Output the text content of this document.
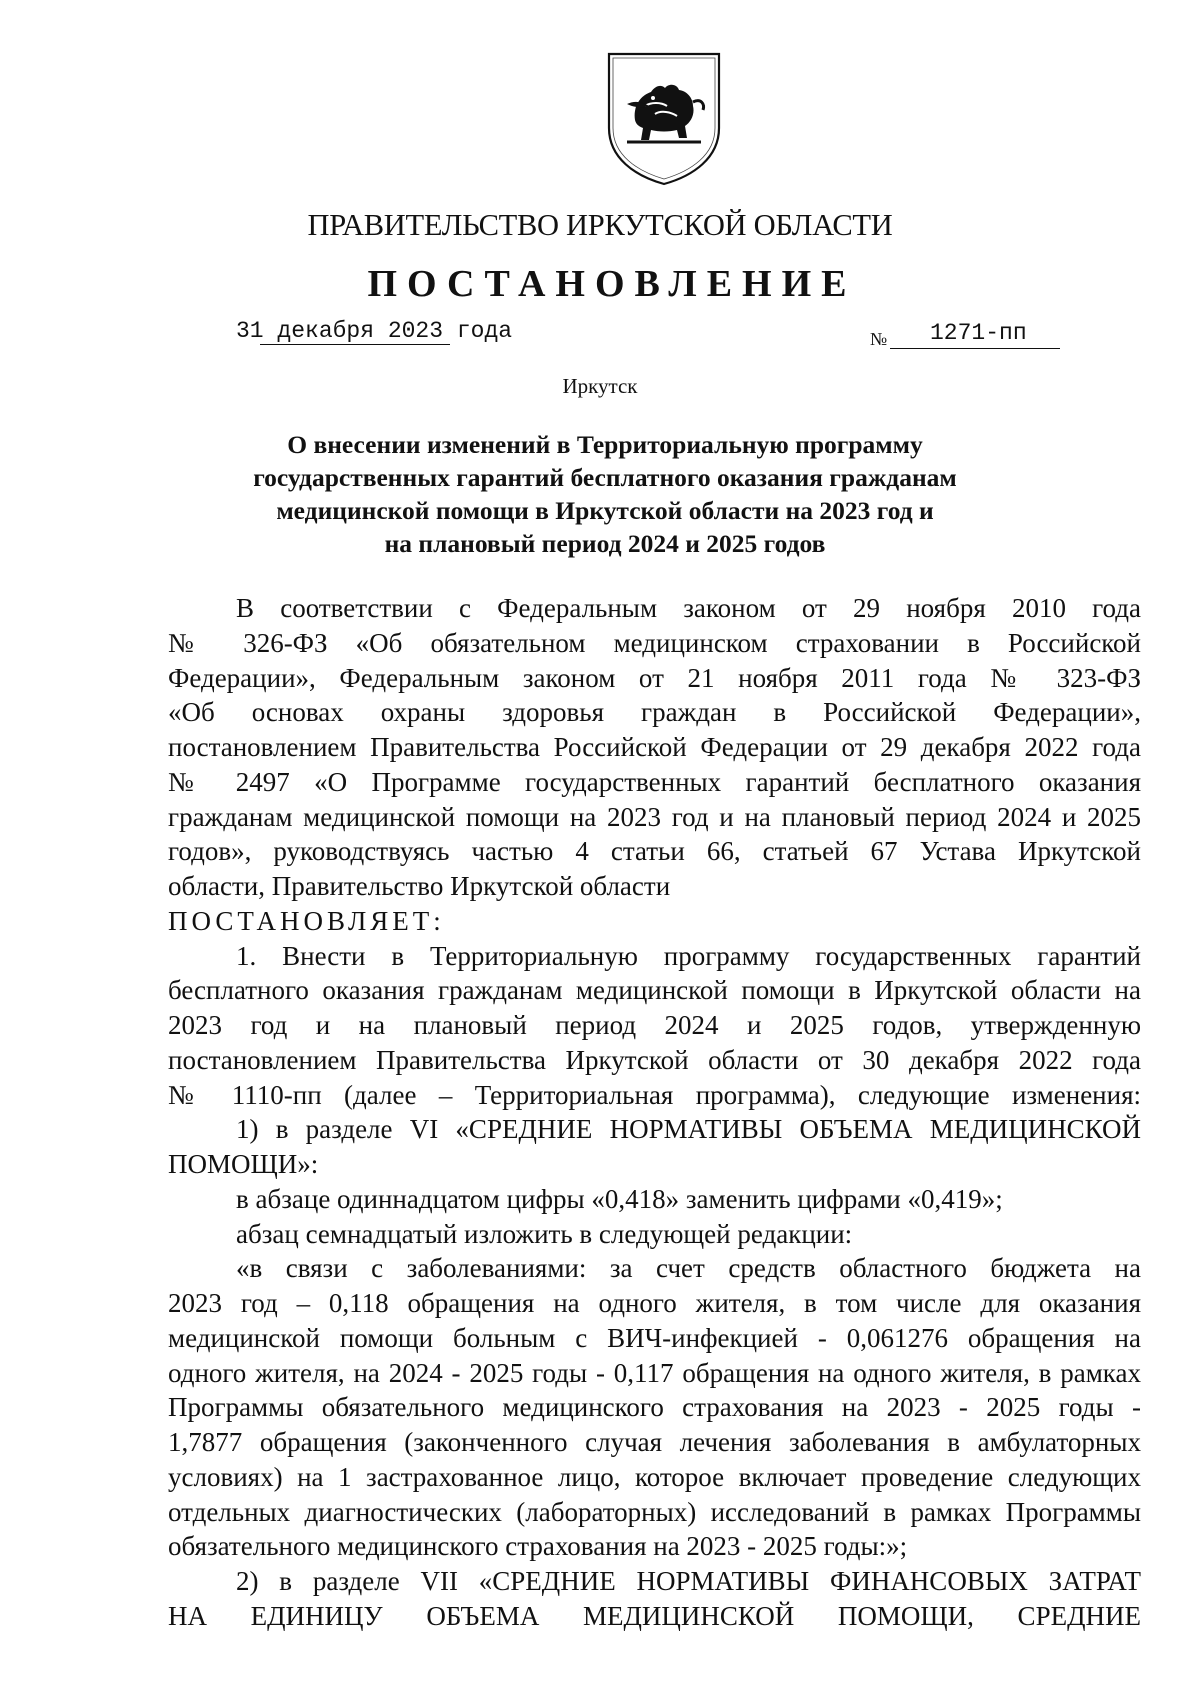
ПРАВИТЕЛЬСТВО ИРКУТСКОЙ ОБЛАСТИ
ПОСТАНОВЛЕНИЕ
31 декабря 2023 года	№ 1271-пп
Иркутск
О внесении изменений в Территориальную программу
государственных гарантий бесплатного оказания гражданам
медицинской помощи в Иркутской области на 2023 год и
на плановый период 2024 и 2025 годов
В соответствии с Федеральным законом от 29 ноября 2010 года
№ 326-ФЗ «Об обязательном медицинском страховании в Российской
Федерации», Федеральным законом от 21 ноября 2011 года № 323-ФЗ
«Об основах охраны здоровья граждан в Российской Федерации»,
постановлением Правительства Российской Федерации от 29 декабря 2022 года
№ 2497 «О Программе государственных гарантий бесплатного оказания
гражданам медицинской помощи на 2023 год и на плановый период 2024 и 2025
годов», руководствуясь частью 4 статьи 66, статьей 67 Устава Иркутской
области, Правительство Иркутской области
ПОСТАНОВЛЯЕТ:
1. Внести в Территориальную программу государственных гарантий
бесплатного оказания гражданам медицинской помощи в Иркутской области на
2023 год и на плановый период 2024 и 2025 годов, утвержденную
постановлением Правительства Иркутской области от 30 декабря 2022 года
№ 1110-пп (далее – Территориальная программа), следующие изменения:
1) в разделе VI «СРЕДНИЕ НОРМАТИВЫ ОБЪЕМА МЕДИЦИНСКОЙ
ПОМОЩИ»:
в абзаце одиннадцатом цифры «0,418» заменить цифрами «0,419»;
абзац семнадцатый изложить в следующей редакции:
«в связи с заболеваниями: за счет средств областного бюджета на
2023 год – 0,118 обращения на одного жителя, в том числе для оказания
медицинской помощи больным с ВИЧ-инфекцией - 0,061276 обращения на
одного жителя, на 2024 - 2025 годы - 0,117 обращения на одного жителя, в рамках
Программы обязательного медицинского страхования на 2023 - 2025 годы -
1,7877 обращения (законченного случая лечения заболевания в амбулаторных
условиях) на 1 застрахованное лицо, которое включает проведение следующих
отдельных диагностических (лабораторных) исследований в рамках Программы
обязательного медицинского страхования на 2023 - 2025 годы:»;
2) в разделе VII «СРЕДНИЕ НОРМАТИВЫ ФИНАНСОВЫХ ЗАТРАТ
НА ЕДИНИЦУ ОБЪЕМА МЕДИЦИНСКОЙ ПОМОЩИ, СРЕДНИЕ
